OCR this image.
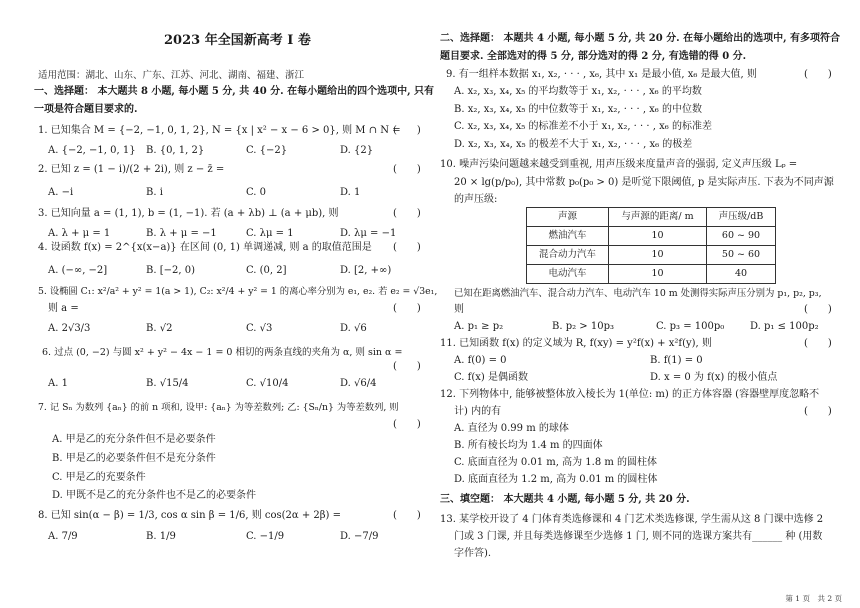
2023 年全国新高考 I 卷
适用范围：湖北、山东、广东、江苏、河北、湖南、福建、浙江
一、选择题： 本大题共 8 小题, 每小题 5 分, 共 40 分. 在每小题给出的四个选项中, 只有
一项是符合题目要求的.
1. 已知集合 M = {−2, −1, 0, 1, 2}, N = {x | x² − x − 6 > 0}, 则 M ∩ N =
(　　)
A. {−2, −1, 0, 1} B. {0, 1, 2}	C. {−2}	D. {2}
2. 已知 z = (1 − i)/(2 + 2i), 则 z − z̄ =	(　　)
A. −i	B. i	C. 0	D. 1
3. 已知向量 a = (1, 1), b = (1, −1). 若 (a + λb) ⊥ (a + μb), 则	(　　)
A. λ + μ = 1	B. λ + μ = −1	C. λμ = 1	D. λμ = −1
4. 设函数 f(x) = 2^{x(x−a)} 在区间 (0, 1) 单调递减, 则 a 的取值范围是 (　　)
A. (−∞, −2]	B. [−2, 0)	C. (0, 2]	D. [2, +∞)
5. 设椭圆 C₁: x²/a² + y² = 1(a > 1), C₂: x²/4 + y² = 1 的离心率分别为 e₁, e₂. 若 e₂ = √3e₁,
则 a =	(　　)
A. 2√3/3	B. √2	C. √3	D. √6
6. 过点 (0, −2) 与圆 x² + y² − 4x − 1 = 0 相切的两条直线的夹角为 α, 则 sin α =
(　　)
A. 1	B. √15/4	C. √10/4	D. √6/4
7. 记 Sₙ 为数列 {aₙ} 的前 n 项和, 设甲: {aₙ} 为等差数列; 乙: {Sₙ/n} 为等差数列, 则
(　　)
A. 甲是乙的充分条件但不是必要条件
B. 甲是乙的必要条件但不是充分条件
C. 甲是乙的充要条件
D. 甲既不是乙的充分条件也不是乙的必要条件
8. 已知 sin(α − β) = 1/3, cos α sin β = 1/6, 则 cos(2α + 2β) =	(　　)
A. 7/9	B. 1/9	C. −1/9	D. −7/9
二、选择题： 本题共 4 小题, 每小题 5 分, 共 20 分. 在每小题给出的选项中, 有多项符合
题目要求. 全部选对的得 5 分, 部分选对的得 2 分, 有选错的得 0 分.
9. 有一组样本数据 x₁, x₂, · · · , x₆, 其中 x₁ 是最小值, x₆ 是最大值, 则	(　　)
A. x₂, x₃, x₄, x₅ 的平均数等于 x₁, x₂, · · · , x₆ 的平均数
B. x₂, x₃, x₄, x₅ 的中位数等于 x₁, x₂, · · · , x₆ 的中位数
C. x₂, x₃, x₄, x₅ 的标准差不小于 x₁, x₂, · · · , x₆ 的标准差
D. x₂, x₃, x₄, x₅ 的极差不大于 x₁, x₂, · · · , x₆ 的极差
10. 噪声污染问题越来越受到重视, 用声压级来度量声音的强弱, 定义声压级 Lₚ =
20 × lg(p/p₀), 其中常数 p₀(p₀ > 0) 是听觉下限阈值, p 是实际声压. 下表为不同声源
的声压级:
声源	与声源的距离/ m	声压级/dB
燃油汽车	10	60 ~ 90
混合动力汽车	10	50 ~ 60
电动汽车	10	40
已知在距离燃油汽车、混合动力汽车、电动汽车 10 m 处测得实际声压分别为 p₁, p₂, p₃,
则	(　　)
A. p₁ ≥ p₂	B. p₂ > 10p₃	C. p₃ = 100p₀	D. p₁ ≤ 100p₂
11. 已知函数 f(x) 的定义域为 R, f(xy) = y²f(x) + x²f(y), 则	(　　)
A. f(0) = 0	B. f(1) = 0
C. f(x) 是偶函数	D. x = 0 为 f(x) 的极小值点
12. 下列物体中, 能够被整体放入棱长为 1(单位: m) 的正方体容器 (容器壁厚度忽略不
计) 内的有	(　　)
A. 直径为 0.99 m 的球体
B. 所有棱长均为 1.4 m 的四面体
C. 底面直径为 0.01 m, 高为 1.8 m 的圆柱体
D. 底面直径为 1.2 m, 高为 0.01 m 的圆柱体
三、填空题： 本大题共 4 小题, 每小题 5 分, 共 20 分.
13. 某学校开设了 4 门体育类选修课和 4 门艺术类选修课, 学生需从这 8 门课中选修 2
门或 3 门课, 并且每类选修课至少选修 1 门, 则不同的选课方案共有______ 种 (用数
字作答).
第 1 页　共 2 页
